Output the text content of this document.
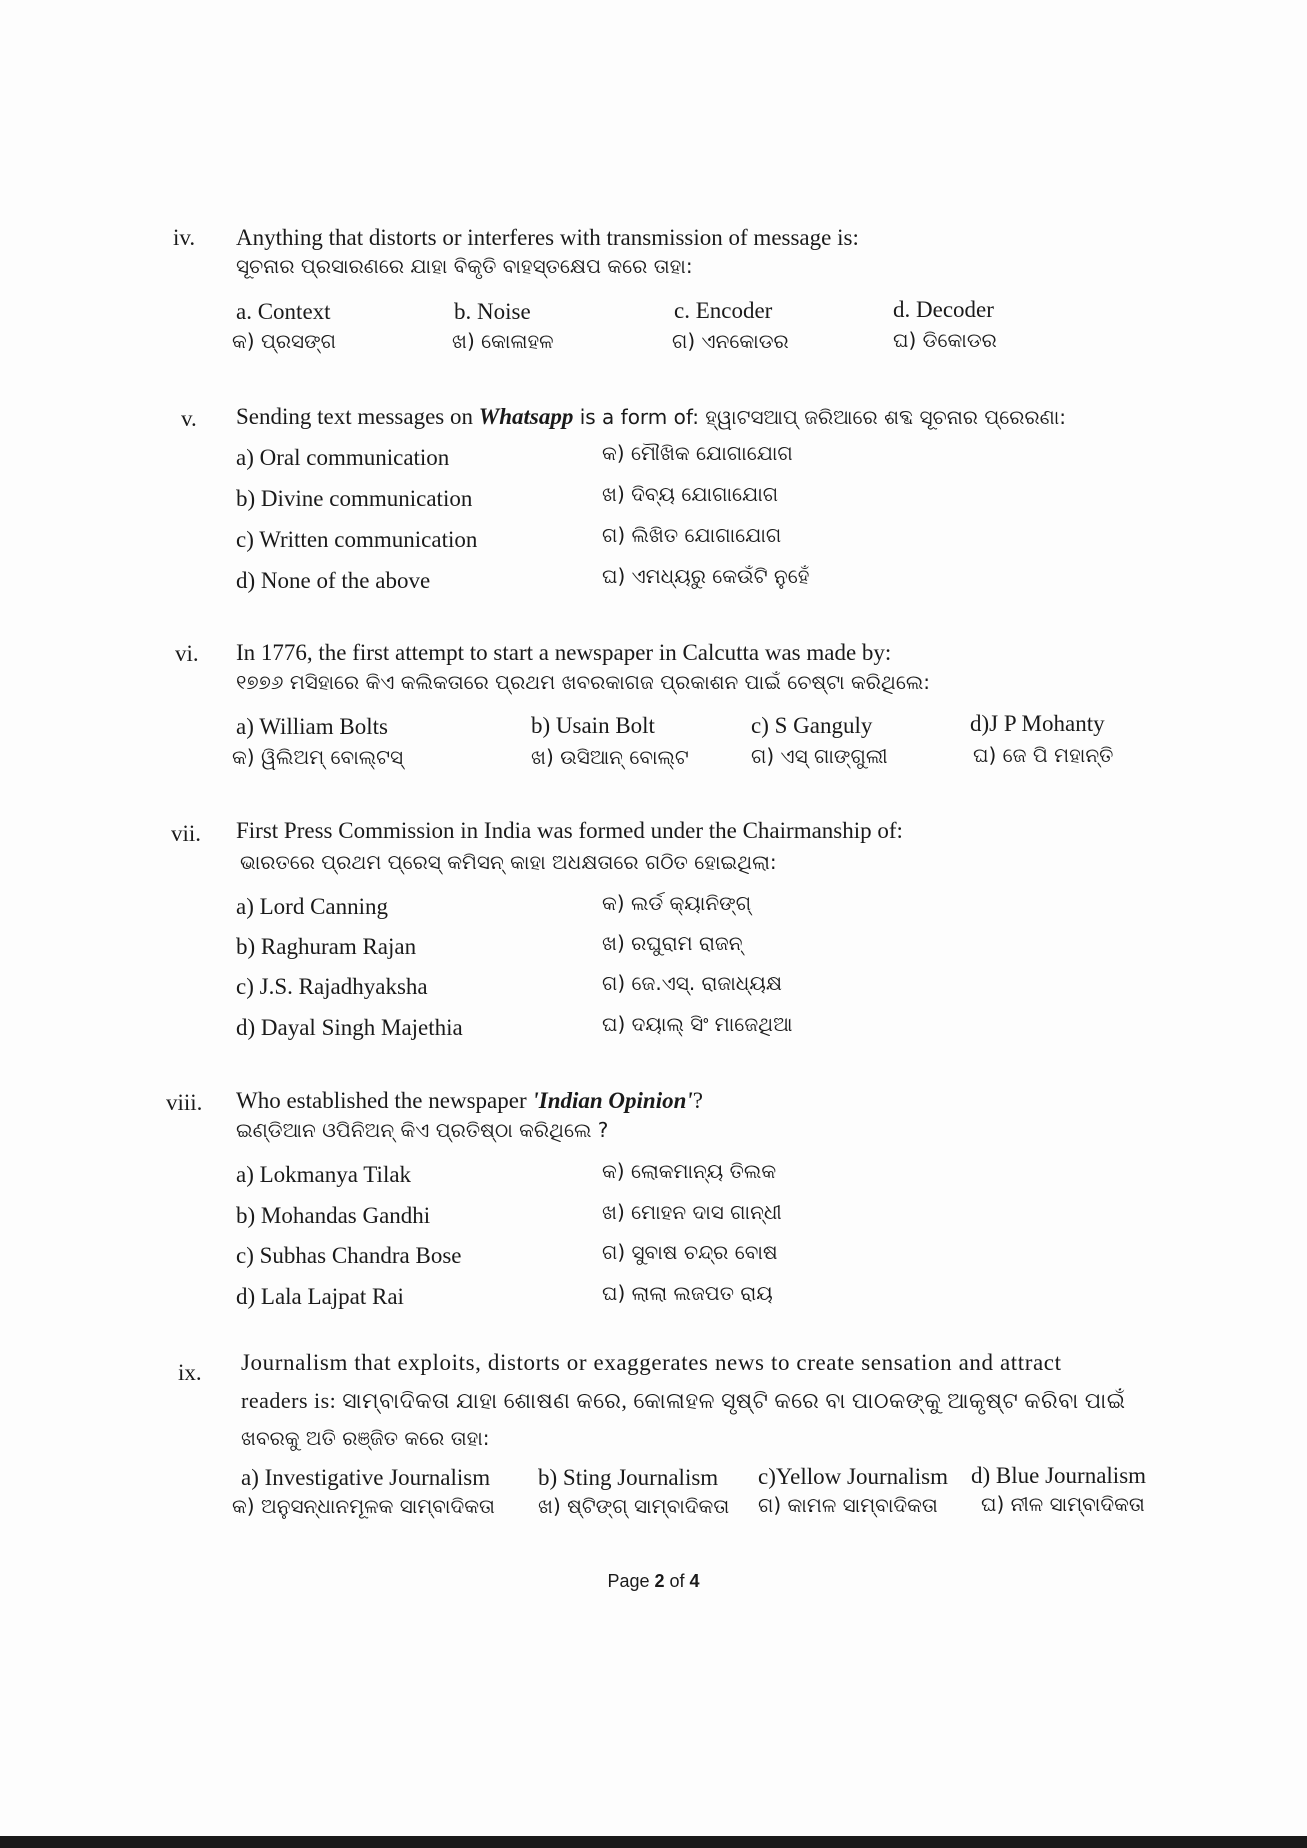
iv. Anything that distorts or interferes with transmission of message is:
ସୂଚନାର ପ୍ରସାରଣରେ ଯାହା ବିକୃତି ବାହସ୍ତକ୍ଷେପ କରେ ତାହା:
a. Context
କ) ପ୍ରସଙ୍ଗ
b. Noise
ଖ) କୋଳାହଳ
c. Encoder
ଗ) ଏନକୋଡର
d. Decoder
ଘ) ଡିକୋଡର
v. Sending text messages on Whatsapp is a form of: ହ୍ୱାଟସଆପ୍ ଜରିଆରେ ଶବ୍ଦ ସୂଚନାର ପ୍ରେରଣା:
a) Oral communication	କ) ମୌଖିକ ଯୋଗାଯୋଗ
b) Divine communication	ଖ) ଦିବ୍ୟ ଯୋଗାଯୋଗ
c) Written communication	ଗ) ଲିଖିତ ଯୋଗାଯୋଗ
d) None of the above	ଘ) ଏମଧ୍ୟରୁ କେଉଁଟି ନୁହେଁ
vi. In 1776, the first attempt to start a newspaper in Calcutta was made by:
୧୭୭୬ ମସିହାରେ କିଏ କଲିକତାରେ ପ୍ରଥମ ଖବରକାଗଜ ପ୍ରକାଶନ ପାଇଁ ଚେଷ୍ଟା କରିଥିଲେ:
a) William Bolts
କ) ୱିଲିଅମ୍ ବୋଲ୍ଟସ୍
b) Usain Bolt
ଖ) ଉସିଆନ୍ ବୋଲ୍ଟ
c) S Ganguly
ଗ) ଏସ୍ ଗାଙ୍ଗୁଲୀ
d)J P Mohanty
ଘ) ଜେ ପି ମହାନ୍ତି
vii. First Press Commission in India was formed under the Chairmanship of:
ଭାରତରେ ପ୍ରଥମ ପ୍ରେସ୍ କମିସନ୍ କାହା ଅଧକ୍ଷତାରେ ଗଠିତ ହୋଇଥିଲା:
a) Lord Canning	କ) ଲର୍ଡ କ୍ୟାନିଙ୍ଗ୍
b) Raghuram Rajan	ଖ) ରଘୁରାମ ରାଜନ୍
c) J.S. Rajadhyaksha	ଗ) ଜେ.ଏସ୍. ରାଜାଧ୍ୟକ୍ଷ
d) Dayal Singh Majethia	ଘ) ଦୟାଲ୍ ସିଂ ମାଜେଥିଆ
viii. Who established the newspaper 'Indian Opinion'?
ଇଣ୍ଡିଆନ ଓପିନିଅନ୍ କିଏ ପ୍ରତିଷ୍ଠା କରିଥିଲେ ?
a) Lokmanya Tilak	କ) ଲୋକମାନ୍ୟ ତିଲକ
b) Mohandas Gandhi	ଖ) ମୋହନ ଦାସ ଗାନ୍ଧୀ
c) Subhas Chandra Bose	ଗ) ସୁବାଷ ଚନ୍ଦ୍ର ବୋଷ
d) Lala Lajpat Rai	ଘ) ଲାଲା ଲଜପତ ରାୟ
ix. Journalism that exploits, distorts or exaggerates news to create sensation and attract
readers is: ସାମ୍ବାଦିକତା ଯାହା ଶୋଷଣ କରେ, କୋଳାହଳ ସୃଷ୍ଟି କରେ ବା ପାଠକଙ୍କୁ ଆକୃଷ୍ଟ କରିବା ପାଇଁ
ଖବରକୁ ଅତି ରଞ୍ଜିତ କରେ ତାହା:
a) Investigative Journalism
କ) ଅନୁସନ୍ଧାନମୂଳକ ସାମ୍ବାଦିକତା
b) Sting Journalism
ଖ) ଷ୍ଟିଙ୍ଗ୍ ସାମ୍ବାଦିକତା
c)Yellow Journalism
ଗ) କାମଳ ସାମ୍ବାଦିକତା
d) Blue Journalism
ଘ) ନୀଳ ସାମ୍ବାଦିକତା
Page 2 of 4
